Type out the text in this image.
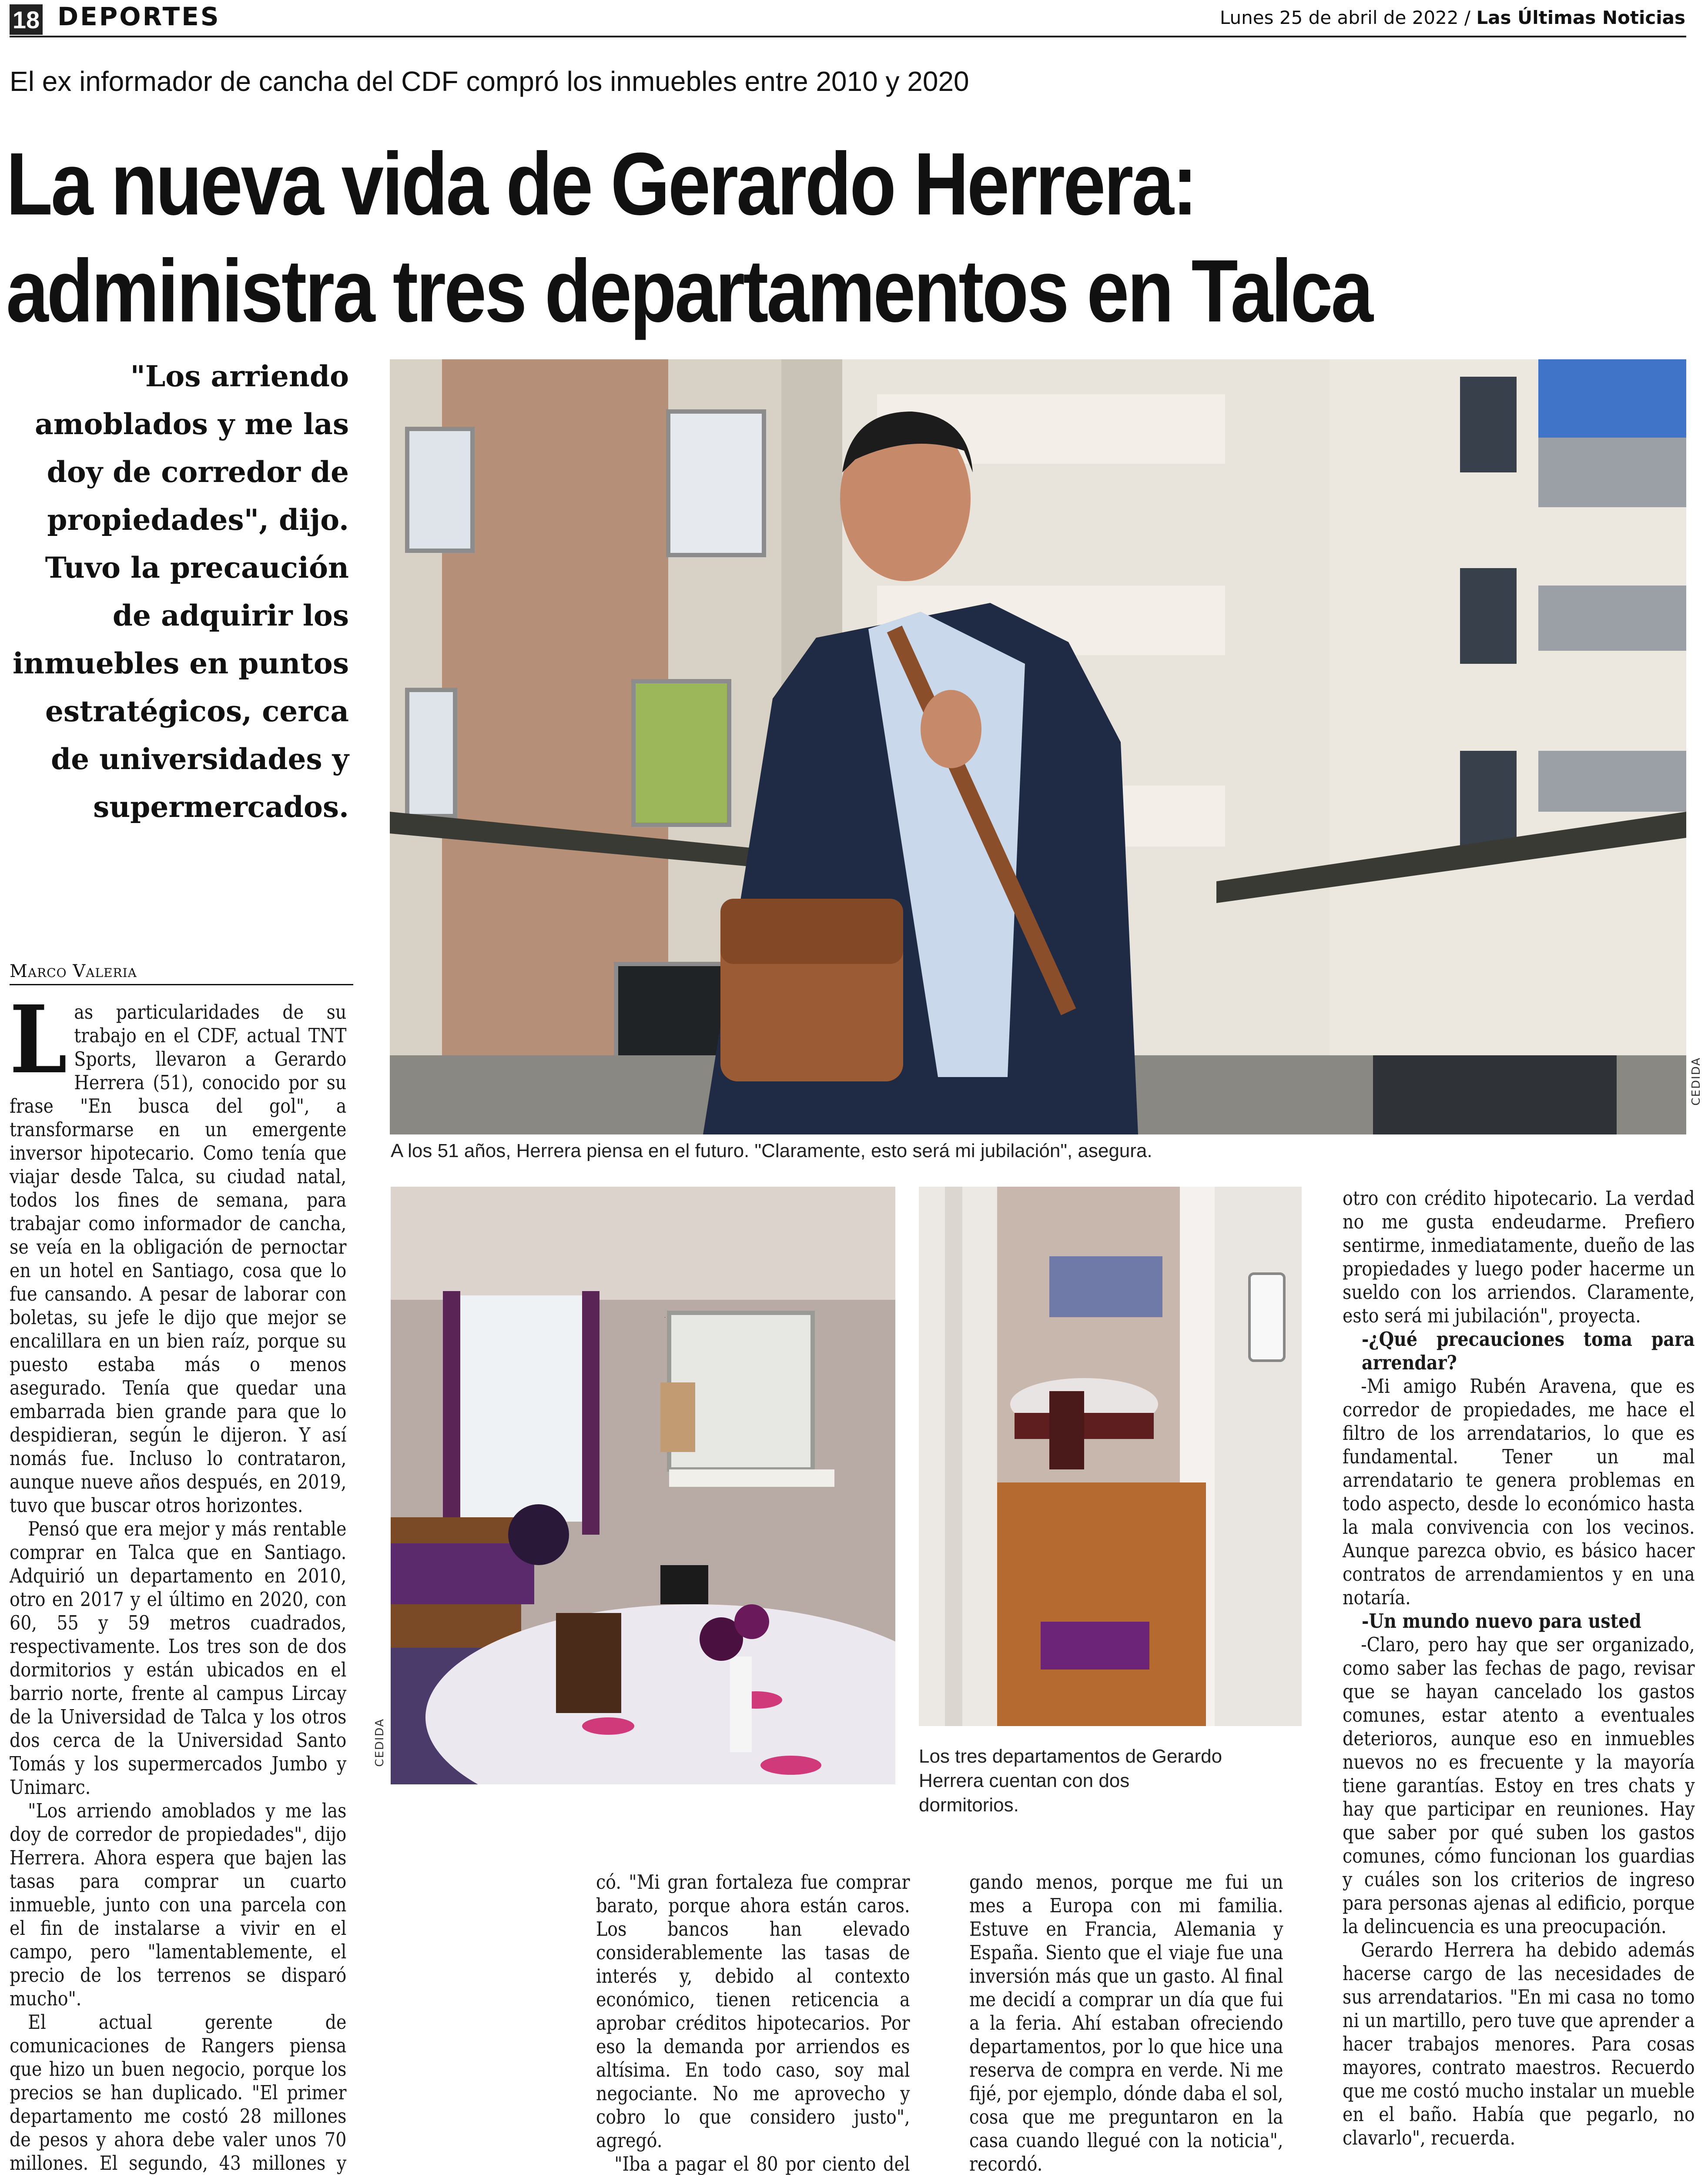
18 DEPORTES	Lunes 25 de abril de 2022 / Las Últimas Noticias
El ex informador de cancha del CDF compró los inmuebles entre 2010 y 2020
La nueva vida de Gerardo Herrera:
administra tres departamentos en Talca
"Los arriendo amoblados y me las doy de corredor de propiedades", dijo. Tuvo la precaución de adquirir los inmuebles en puntos estratégicos, cerca de universidades y supermercados.
CEDIDA
A los 51 años, Herrera piensa en el futuro. "Claramente, esto será mi jubilación", asegura.
CEDIDA	Los tres departamentos de Gerardo Herrera cuentan con dos dormitorios.
Marco Valeria

Las particularidades de su trabajo en el CDF, actual TNT Sports, llevaron a Gerardo Herrera (51), conocido por su frase "En busca del gol", a transformarse en un emergente inversor hipotecario. Como tenía que viajar desde Talca, su ciudad natal, todos los fines de semana, para trabajar como informador de cancha, se veía en la obligación de pernoctar en un hotel en Santiago, cosa que lo fue cansando. A pesar de laborar con boletas, su jefe le dijo que mejor se encalillara en un bien raíz, porque su puesto estaba más o menos asegurado. Tenía que quedar una embarrada bien grande para que lo despidieran, según le dijeron. Y así nomás fue. Incluso lo contrataron, aunque nueve años después, en 2019, tuvo que buscar otros horizontes.

Pensó que era mejor y más rentable comprar en Talca que en Santiago. Adquirió un departamento en 2010, otro en 2017 y el último en 2020, con 60, 55 y 59 metros cuadrados, respectivamente. Los tres son de dos dormitorios y están ubicados en el barrio norte, frente al campus Lircay de la Universidad de Talca y los otros dos cerca de la Universidad Santo Tomás y los supermercados Jumbo y Unimarc.

"Los arriendo amoblados y me las doy de corredor de propiedades", dijo Herrera. Ahora espera que bajen las tasas para comprar un cuarto inmueble, junto con una parcela con el fin de instalarse a vivir en el campo, pero "lamentablemente, el precio de los terrenos se disparó mucho".

El actual gerente de comunicaciones de Rangers piensa que hizo un buen negocio, porque los precios se han duplicado. "El primer departamento me costó 28 millones de pesos y ahora debe valer unos 70 millones. El segundo, 43 millones y

có. "Mi gran fortaleza fue comprar barato, porque ahora están caros. Los bancos han elevado considerablemente las tasas de interés y, debido al contexto económico, tienen reticencia a aprobar créditos hipotecarios. Por eso la demanda por arriendos es altísima. En todo caso, soy mal negociante. No me aprovecho y cobro lo que considero justo", agregó.

"Iba a pagar el 80 por ciento del

gando menos, porque me fui un mes a Europa con mi familia. Estuve en Francia, Alemania y España. Siento que el viaje fue una inversión más que un gasto. Al final me decidí a comprar un día que fui a la feria. Ahí estaban ofreciendo departamentos, por lo que hice una reserva de compra en verde. Ni me fijé, por ejemplo, dónde daba el sol, cosa que me preguntaron en la casa cuando llegué con la noticia", recordó.

otro con crédito hipotecario. La verdad no me gusta endeudarme. Prefiero sentirme, inmediatamente, dueño de las propiedades y luego poder hacerme un sueldo con los arriendos. Claramente, esto será mi jubilación", proyecta.

-¿Qué precauciones toma para arrendar?

-Mi amigo Rubén Aravena, que es corredor de propiedades, me hace el filtro de los arrendatarios, lo que es fundamental. Tener un mal arrendatario te genera problemas en todo aspecto, desde lo económico hasta la mala convivencia con los vecinos. Aunque parezca obvio, es básico hacer contratos de arrendamientos y en una notaría.

-Un mundo nuevo para usted

-Claro, pero hay que ser organizado, como saber las fechas de pago, revisar que se hayan cancelado los gastos comunes, estar atento a eventuales deterioros, aunque eso en inmuebles nuevos no es frecuente y la mayoría tiene garantías. Estoy en tres chats y hay que participar en reuniones. Hay que saber por qué suben los gastos comunes, cómo funcionan los guardias y cuáles son los criterios de ingreso para personas ajenas al edificio, porque la delincuencia es una preocupación.

Gerardo Herrera ha debido además hacerse cargo de las necesidades de sus arrendatarios. "En mi casa no tomo ni un martillo, pero tuve que aprender a hacer trabajos menores. Para cosas mayores, contrato maestros. Recuerdo que me costó mucho instalar un mueble en el baño. Había que pegarlo, no clavarlo", recuerda.
